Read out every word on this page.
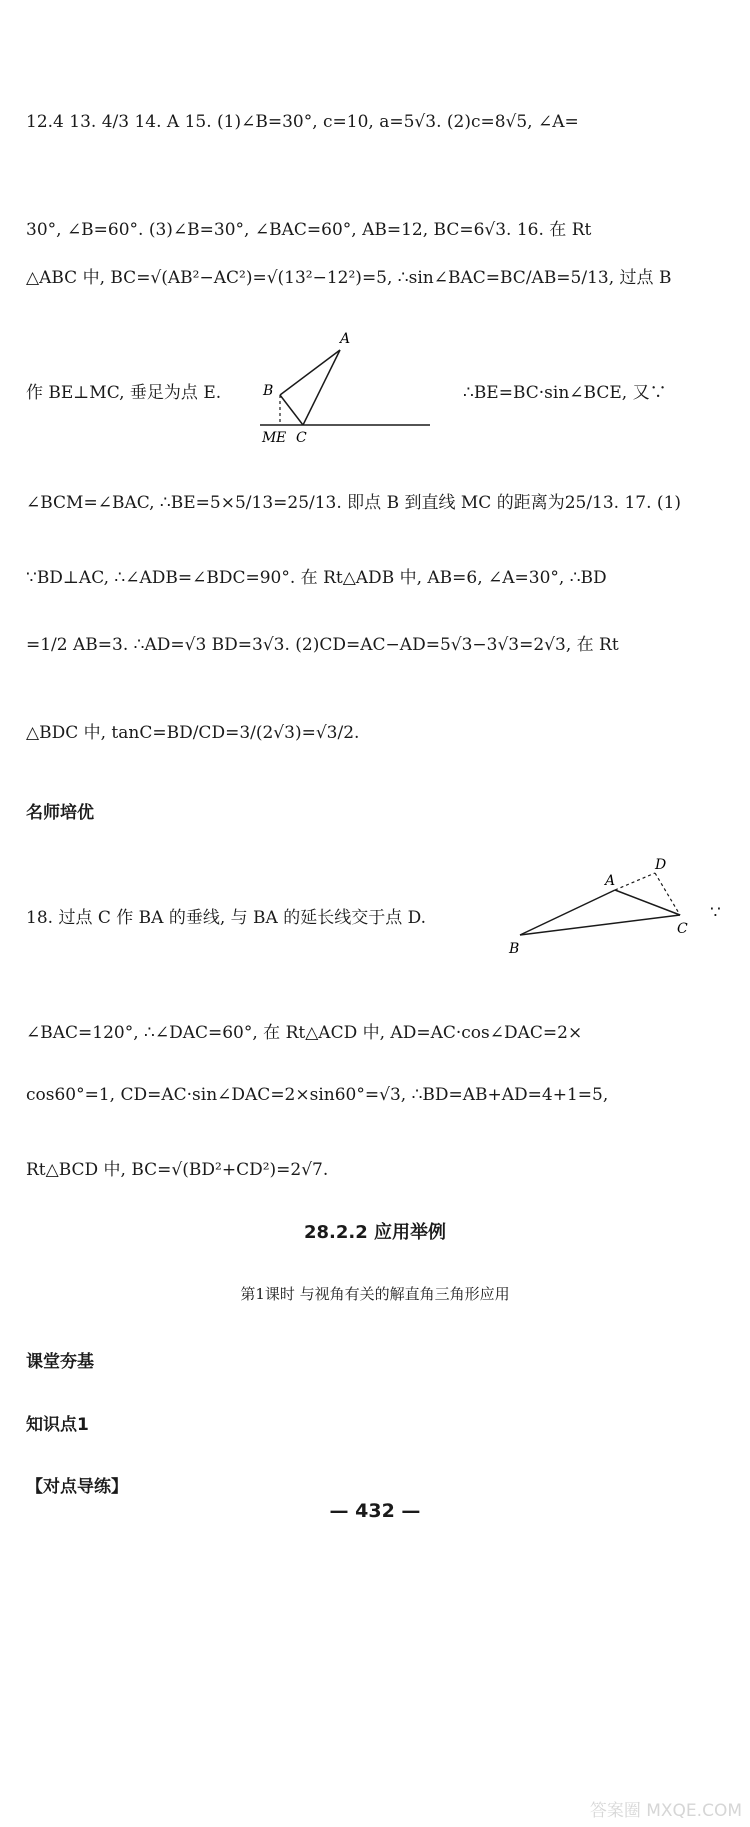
12.4 13. 4/3 14. A 15. (1)∠B=30°, c=10, a=5√3. (2)c=8√5, ∠A=
30°, ∠B=60°. (3)∠B=30°, ∠BAC=60°, AB=12, BC=6√3. 16. 在 Rt
△ABC 中, BC=√(AB²−AC²)=√(13²−12²)=5, ∴sin∠BAC=BC/AB=5/13, 过点 B
作 BE⊥MC, 垂足为点 E.	∴BE=BC·sin∠BCE, 又∵
A
B
C
M E
∠BCM=∠BAC, ∴BE=5×5/13=25/13. 即点 B 到直线 MC 的距离为25/13. 17. (1)
∵BD⊥AC, ∴∠ADB=∠BDC=90°. 在 Rt△ADB 中, AB=6, ∠A=30°, ∴BD
=1/2 AB=3. ∴AD=√3 BD=3√3. (2)CD=AC−AD=5√3−3√3=2√3, 在 Rt
△BDC 中, tanC=BD/CD=3/(2√3)=√3/2.
名师培优
18. 过点 C 作 BA 的垂线, 与 BA 的延长线交于点 D.	∵
A
B
C
D
∠BAC=120°, ∴∠DAC=60°, 在 Rt△ACD 中, AD=AC·cos∠DAC=2×
cos60°=1, CD=AC·sin∠DAC=2×sin60°=√3, ∴BD=AB+AD=4+1=5,
Rt△BCD 中, BC=√(BD²+CD²)=2√7.
28.2.2 应用举例
第1课时 与视角有关的解直角三角形应用
课堂夯基
知识点1
【对点导练】
— 432 —
答案圈 MXQE.COM
